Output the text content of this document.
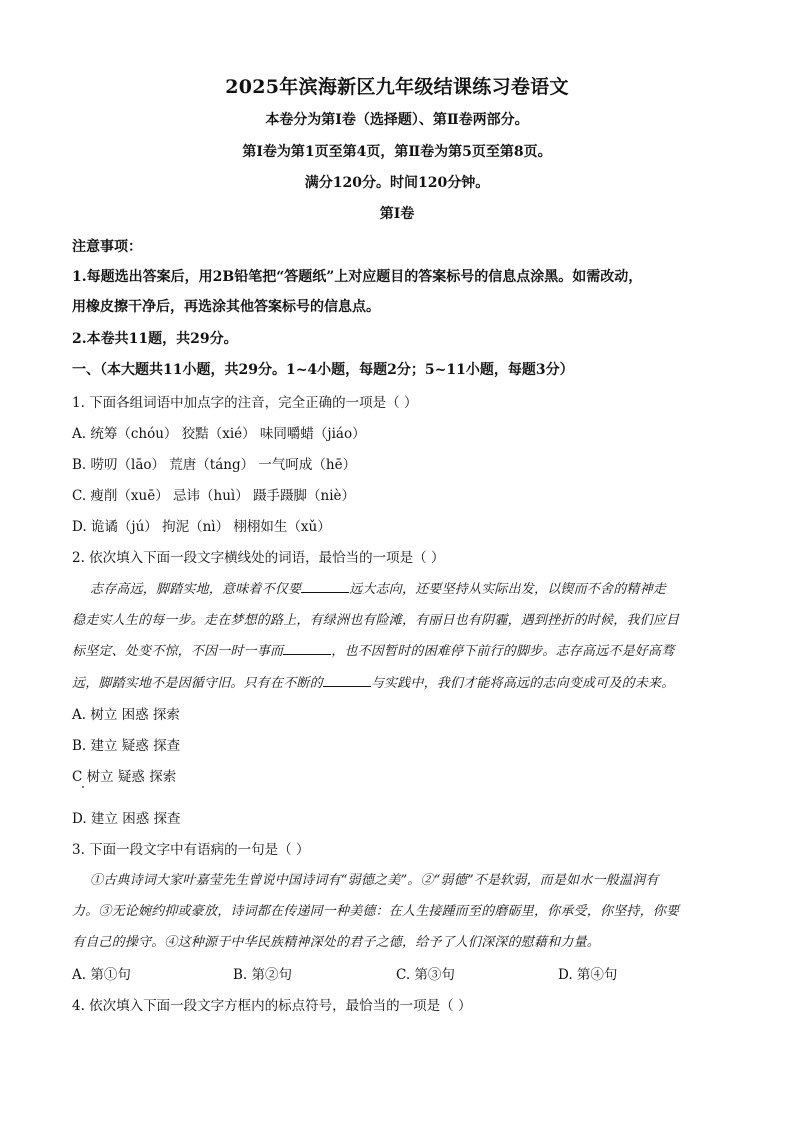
2025年滨海新区九年级结课练习卷语文
本卷分为第Ⅰ卷（选择题）、第Ⅱ卷两部分。
第Ⅰ卷为第1页至第4页，第Ⅱ卷为第5页至第8页。
满分120分。时间120分钟。
第Ⅰ卷
注意事项：
1.每题选出答案后，用2B铅笔把“答题纸”上对应题目的答案标号的信息点涂黑。如需改动，
用橡皮擦干净后，再选涂其他答案标号的信息点。
2.本卷共11题，共29分。
一、（本大题共11小题，共29分。1~4小题，每题2分；5~11小题，每题3分）
1. 下面各组词语中加点字的注音，完全正确的一项是（ ）
A. 统筹（chóu） 狡黠（xié） 味同嚼蜡（jiáo）
B. 唠叨（lāo） 荒唐（táng） 一气呵成（hē）
C. 瘦削（xuē） 忌讳（huì） 蹑手蹑脚（niè）
D. 诡谲（jú） 拘泥（nì） 栩栩如生（xǔ）
2. 依次填入下面一段文字横线处的词语，最恰当的一项是（ ）
志存高远，脚踏实地，意味着不仅要	远大志向，还要坚持从实际出发，以锲而不舍的精神走
稳走实人生的每一步。走在梦想的路上，有绿洲也有险滩，有丽日也有阴霾，遇到挫折的时候，我们应目
标坚定、处变不惊，不因一时一事而	，也不因暂时的困难停下前行的脚步。志存高远不是好高骛
远，脚踏实地不是因循守旧。只有在不断的	与实践中，我们才能将高远的志向变成可及的未来。
A. 树立 困惑 探索
B. 建立 疑惑 探查
C 树立 疑惑 探索
D. 建立 困惑 探查
3. 下面一段文字中有语病的一句是（ ）
①古典诗词大家叶嘉莹先生曾说中国诗词有“弱德之美”。②“弱德”不是软弱，而是如水一般温润有
力。③无论婉约抑或豪放，诗词都在传递同一种美德：在人生接踵而至的磨砺里，你承受，你坚持，你要
有自己的操守。④这种源于中华民族精神深处的君子之德，给予了人们深深的慰藉和力量。
A. 第①句	B. 第②句	C. 第③句	D. 第④句
4. 依次填入下面一段文字方框内的标点符号，最恰当的一项是（ ）
